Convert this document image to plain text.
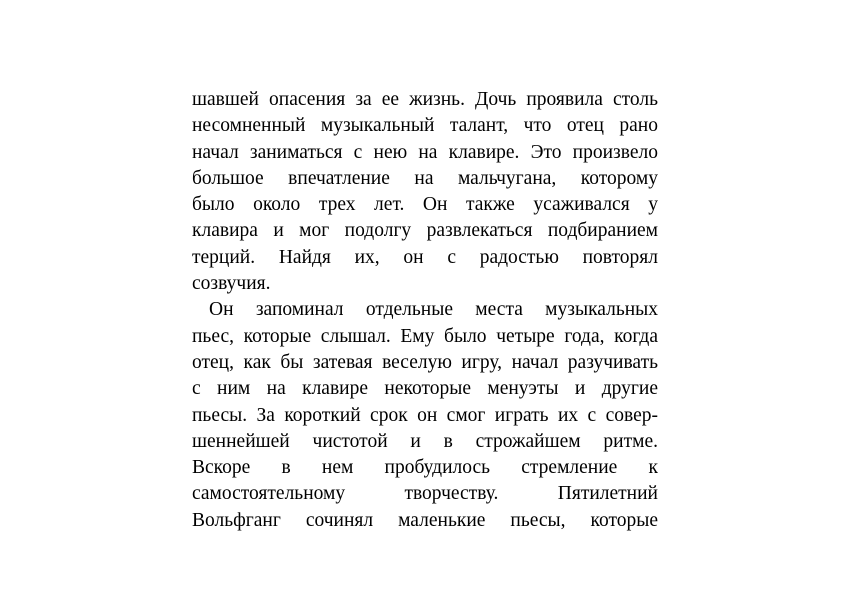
шавшей опасения за ее жизнь. Дочь проявила столь
несомненный музыкальный талант, что отец рано
начал заниматься с нею на клавире. Это произвело
большое впечатление на мальчугана, которому
было около трех лет. Он также усаживался у
клавира и мог подолгу развлекаться подбиранием
терций. Найдя их, он с радостью повторял
созвучия.
Он запоминал отдельные места музыкальных
пьес, которые слышал. Ему было четыре года, когда
отец, как бы затевая веселую игру, начал разучивать
с ним на клавире некоторые менуэты и другие
пьесы. За короткий срок он смог играть их с совер-
шеннейшей чистотой и в строжайшем ритме.
Вскоре в нем пробудилось стремление к
самостоятельному творчеству. Пятилетний
Вольфганг сочинял маленькие пьесы, которые
